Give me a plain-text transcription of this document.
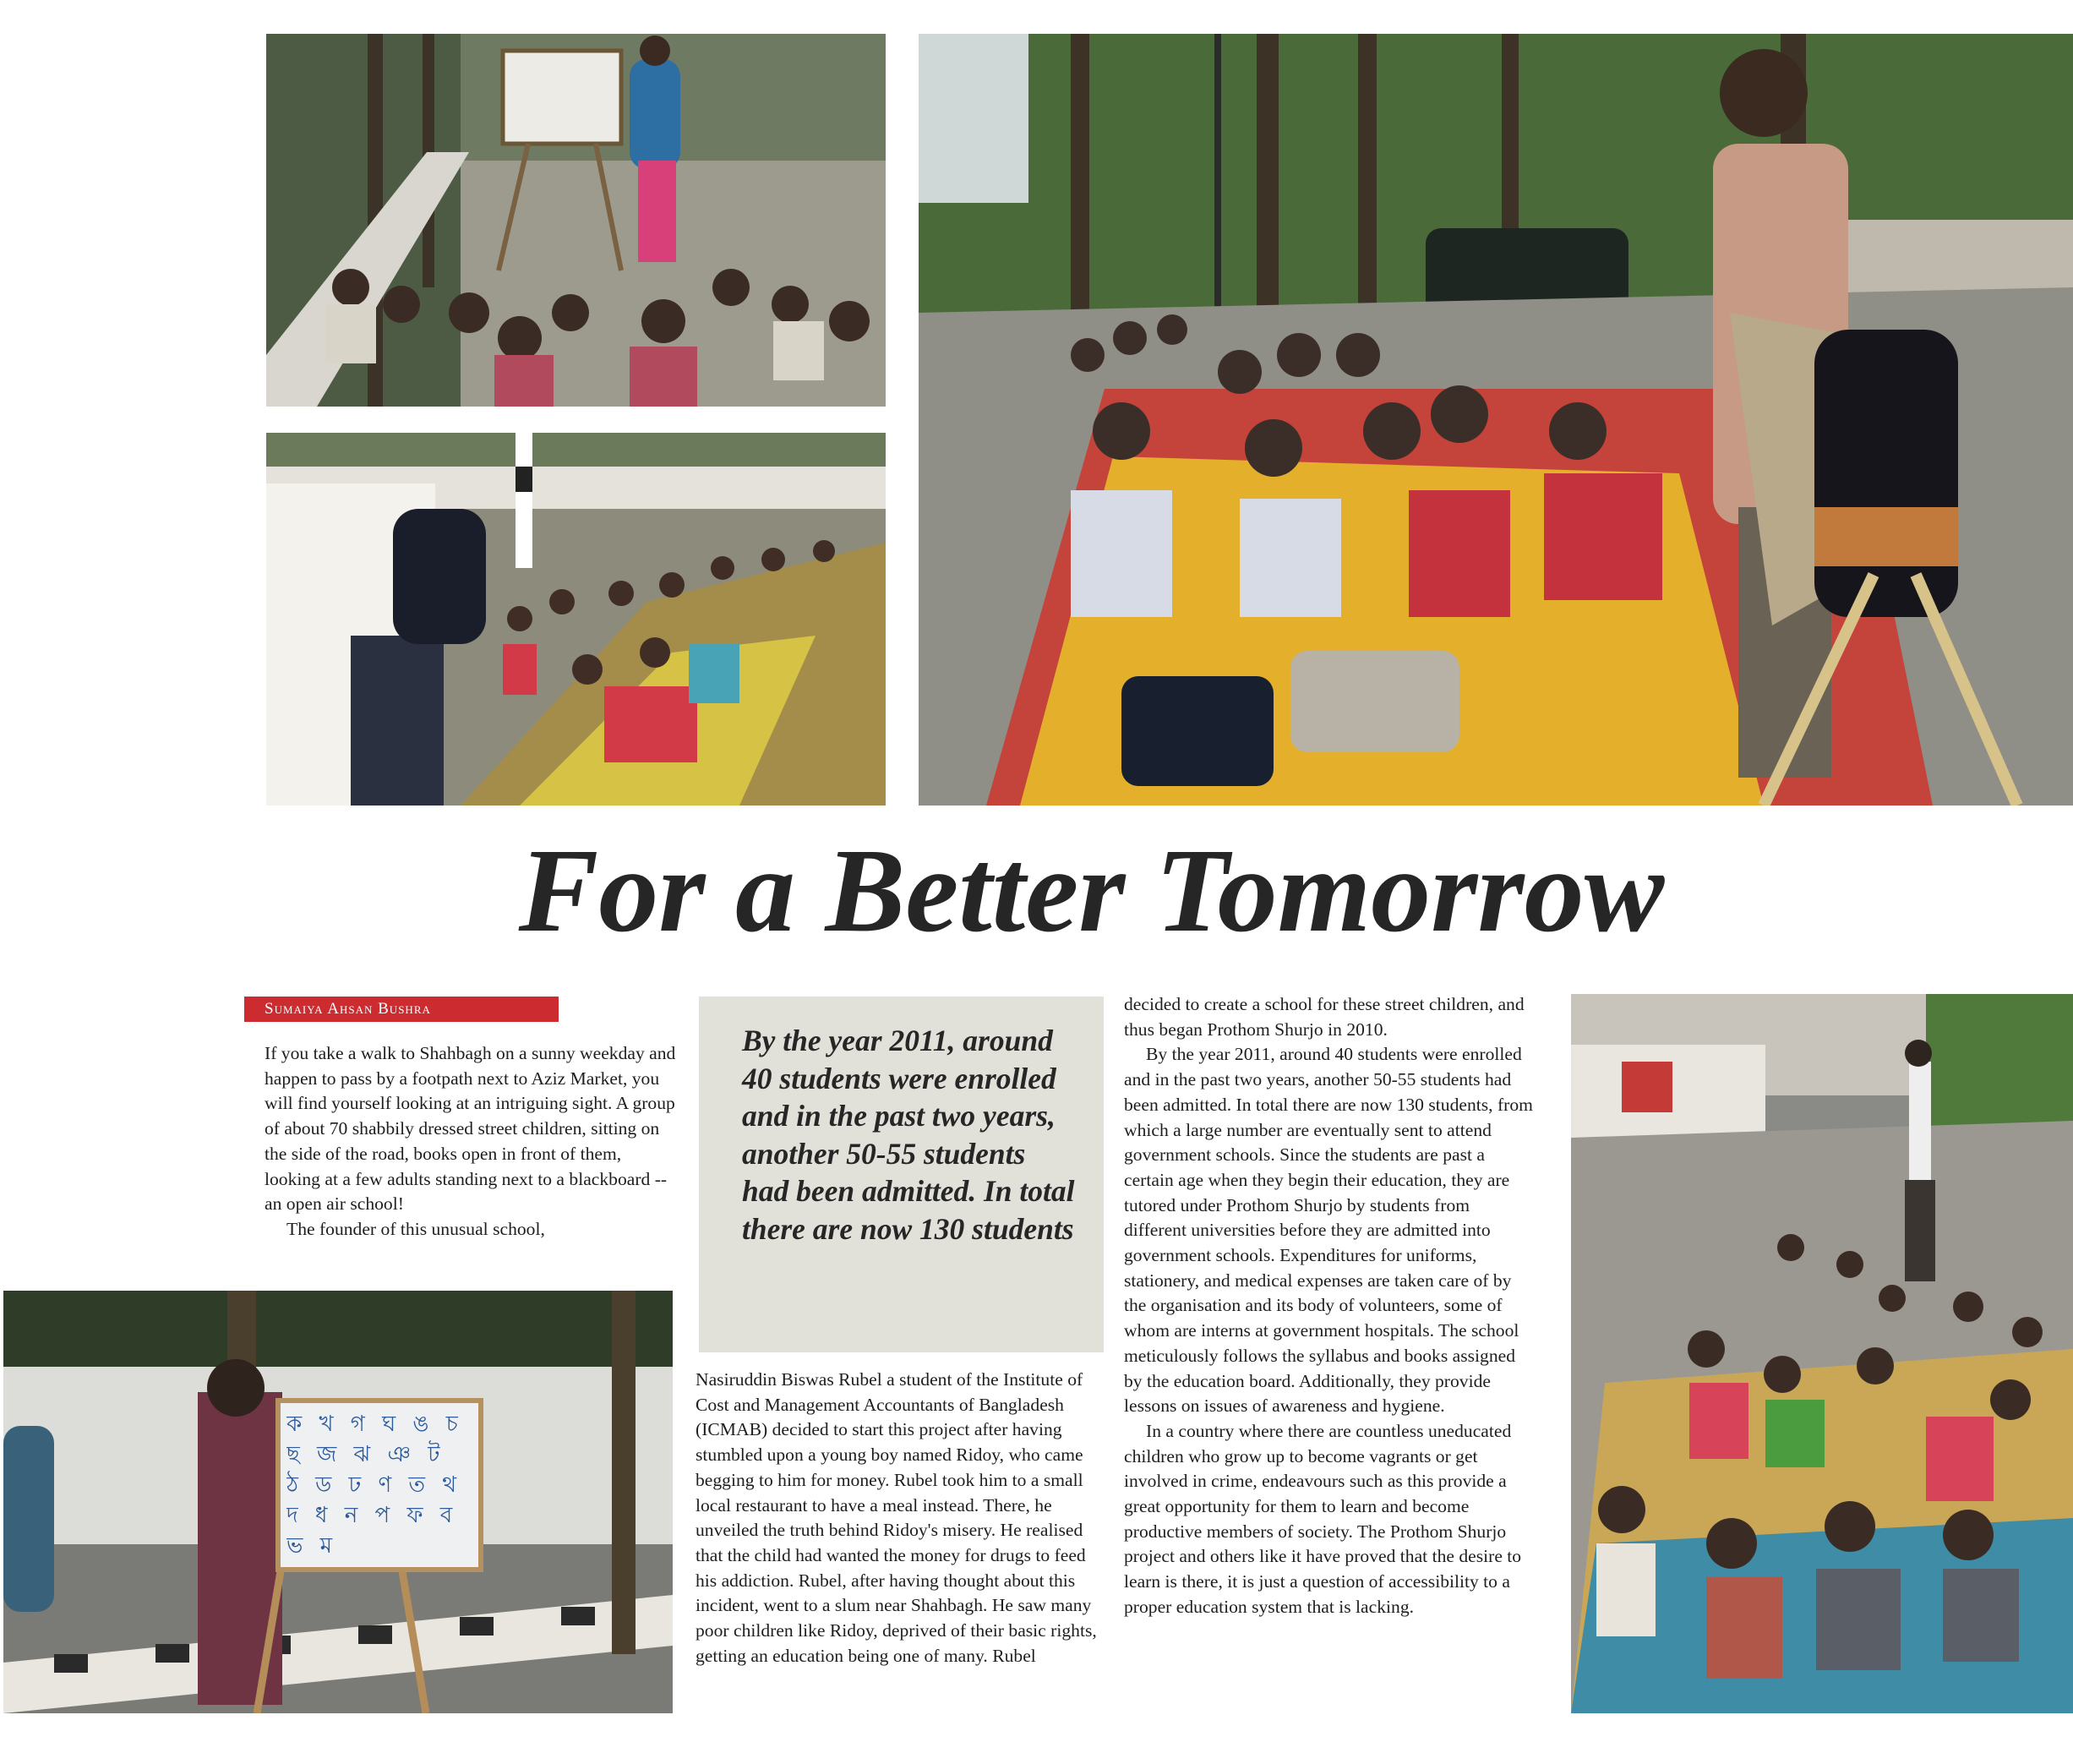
For a Better Tomorrow
Sumaiya Ahsan Bushra

If you take a walk to Shahbagh on a sunny weekday and happen to pass by a footpath next to Aziz Market, you will find yourself looking at an intriguing sight. A group of about 70 shabbily dressed street children, sitting on the side of the road, books open in front of them, looking at a few adults standing next to a blackboard -- an open air school!

The founder of this unusual school,

ক খ গ ঘ ঙ চ ছ জ ঝ ঞ ট ঠ ড ঢ ণ ত থ দ ধ ন প ফ ব ভ ম
By the year 2011, around 40 students were enrolled and in the past two years, another 50-55 students had been admitted. In total there are now 130 students

Nasiruddin Biswas Rubel a student of the Institute of Cost and Management Accountants of Bangladesh (ICMAB) decided to start this project after having stumbled upon a young boy named Ridoy, who came begging to him for money. Rubel took him to a small local restaurant to have a meal instead. There, he unveiled the truth behind Ridoy's misery. He realised that the child had wanted the money for drugs to feed his addiction. Rubel, after having thought about this incident, went to a slum near Shahbagh. He saw many poor children like Ridoy, deprived of their basic rights, getting an education being one of many. Rubel

decided to create a school for these street children, and thus began Prothom Shurjo in 2010.

By the year 2011, around 40 students were enrolled and in the past two years, another 50-55 students had been admitted. In total there are now 130 students, from which a large number are eventually sent to attend government schools. Since the students are past a certain age when they begin their education, they are tutored under Prothom Shurjo by students from different universities before they are admitted into government schools. Expenditures for uniforms, stationery, and medical expenses are taken care of by the organisation and its body of volunteers, some of whom are interns at government hospitals. The school meticulously follows the syllabus and books assigned by the education board. Additionally, they provide lessons on issues of awareness and hygiene.

In a country where there are countless uneducated children who grow up to become vagrants or get involved in crime, endeavours such as this provide a great opportunity for them to learn and become productive members of society. The Prothom Shurjo project and others like it have proved that the desire to learn is there, it is just a question of accessibility to a proper education system that is lacking.
